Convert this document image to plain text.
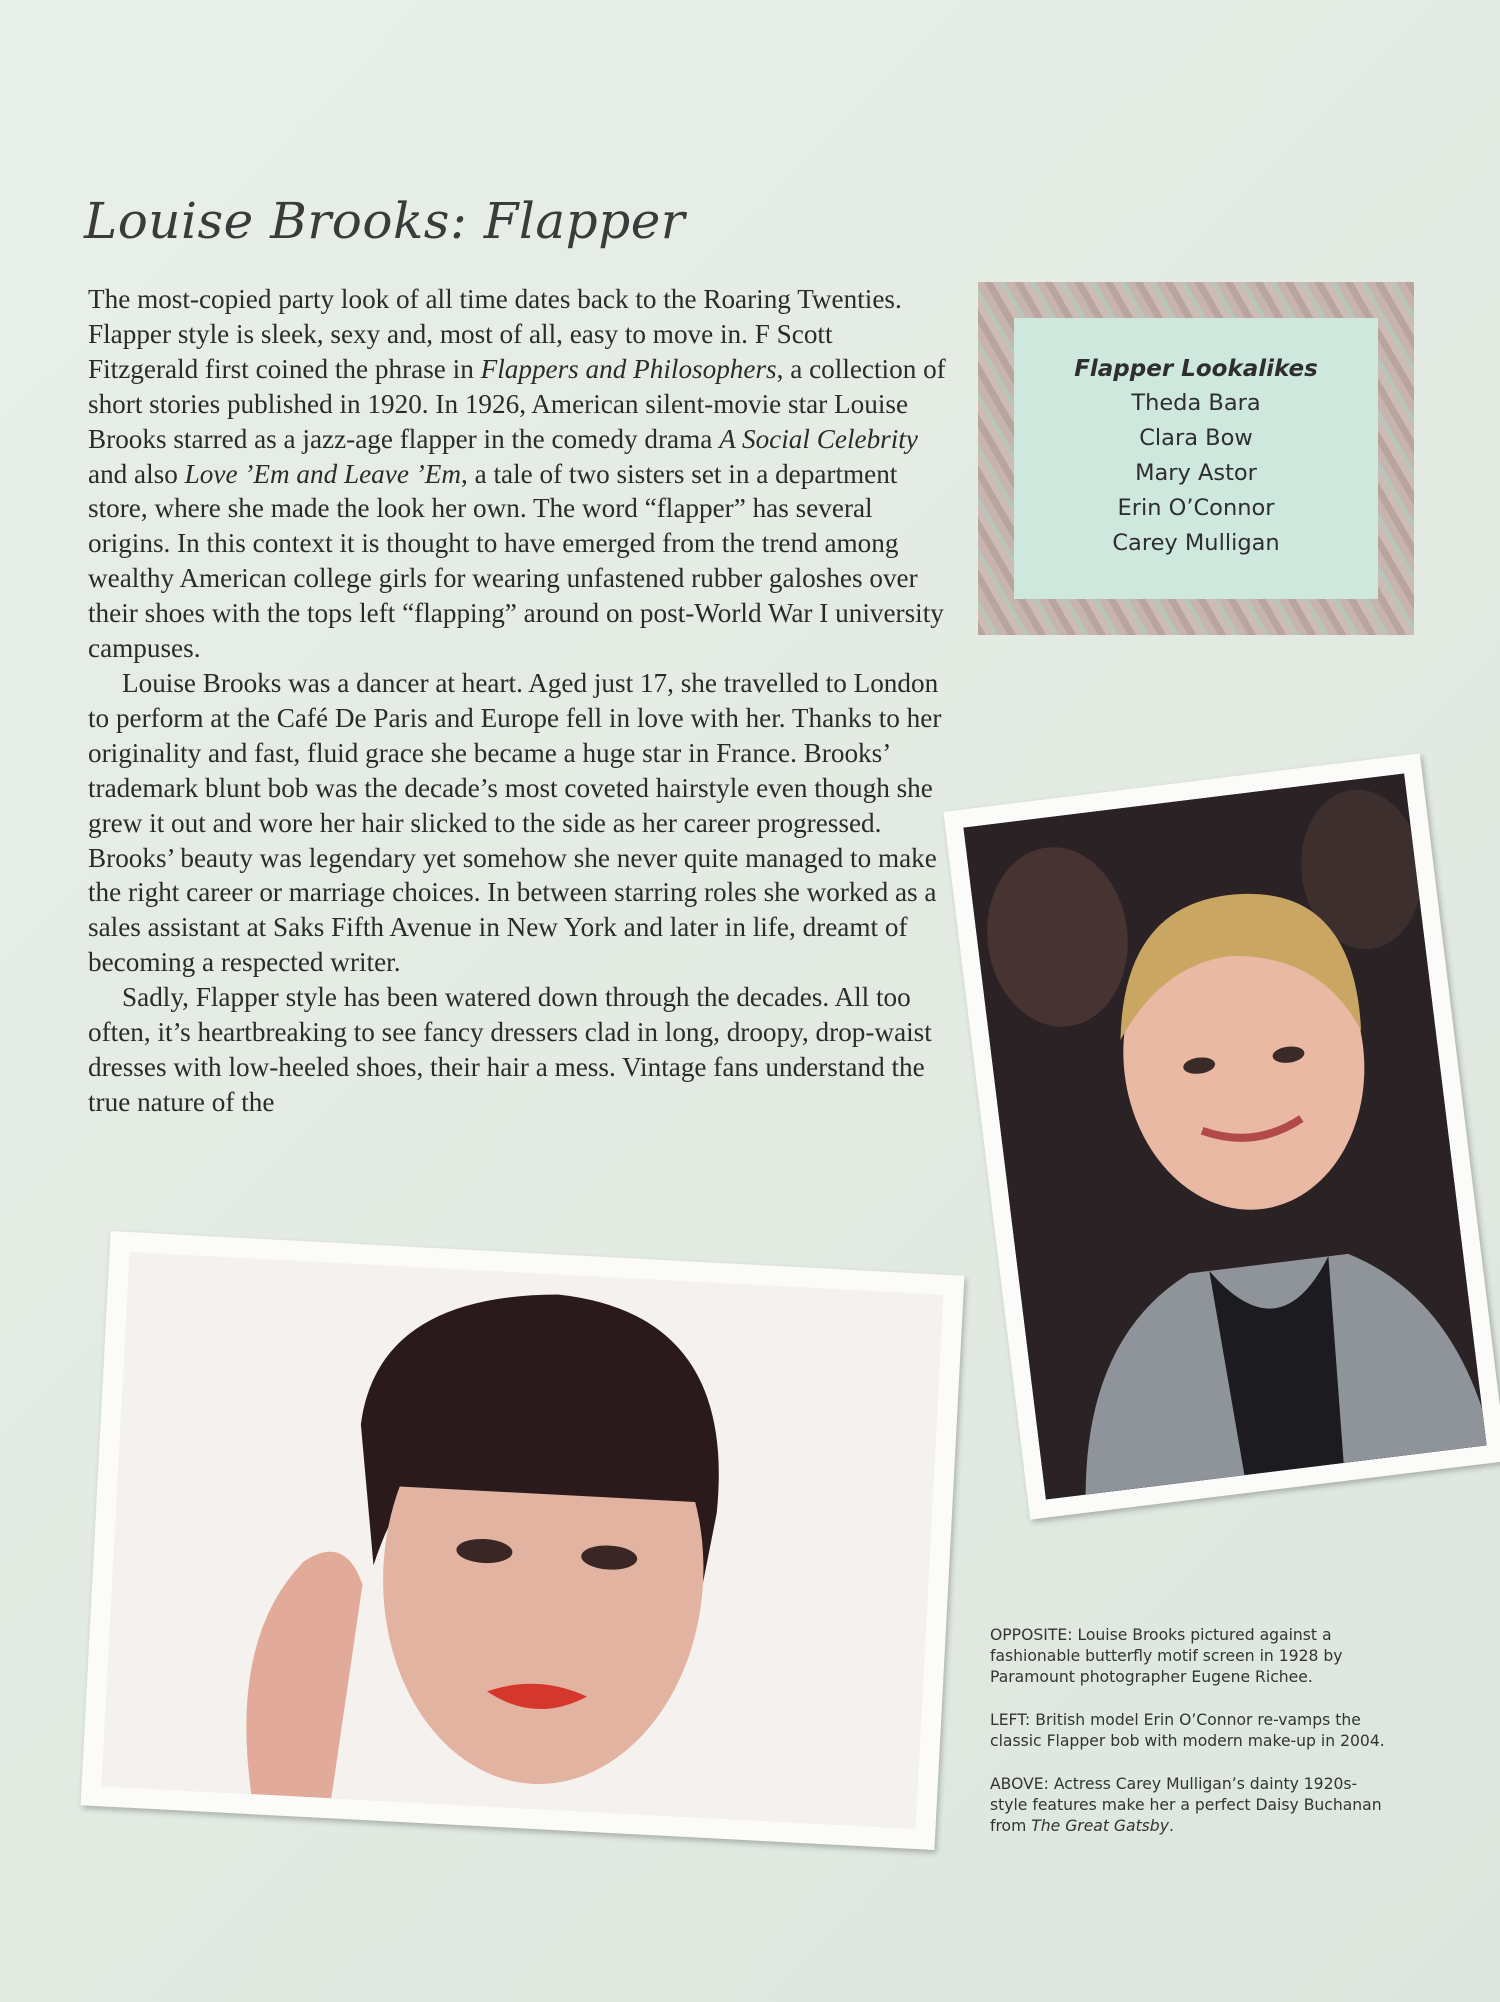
Louise Brooks: Flapper

The most-copied party look of all time dates back to the Roaring Twenties. Flapper style is sleek, sexy and, most of all, easy to move in. F Scott Fitzgerald first coined the phrase in Flappers and Philosophers, a collection of short stories published in 1920. In 1926, American silent-movie star Louise Brooks starred as a jazz-age flapper in the comedy drama A Social Celebrity and also Love ’Em and Leave ’Em, a tale of two sisters set in a department store, where she made the look her own. The word “flapper” has several origins. In this context it is thought to have emerged from the trend among wealthy American college girls for wearing unfastened rubber galoshes over their shoes with the tops left “flapping” around on post-World War I university campuses.

Louise Brooks was a dancer at heart. Aged just 17, she travelled to London to perform at the Café De Paris and Europe fell in love with her. Thanks to her originality and fast, fluid grace she became a huge star in France. Brooks’ trademark blunt bob was the decade’s most coveted hairstyle even though she grew it out and wore her hair slicked to the side as her career progressed. Brooks’ beauty was legendary yet somehow she never quite managed to make the right career or marriage choices. In between starring roles she worked as a sales assistant at Saks Fifth Avenue in New York and later in life, dreamt of becoming a respected writer.

Sadly, Flapper style has been watered down through the decades. All too often, it’s heartbreaking to see fancy dressers clad in long, droopy, drop-waist dresses with low-heeled shoes, their hair a mess. Vintage fans understand the true nature of the

Flapper Lookalikes
Theda Bara
Clara Bow
Mary Astor
Erin O’Connor
Carey Mulligan

OPPOSITE: Louise Brooks pictured against a fashionable butterfly motif screen in 1928 by Paramount photographer Eugene Richee.

LEFT: British model Erin O’Connor re-vamps the classic Flapper bob with modern make-up in 2004.

ABOVE: Actress Carey Mulligan’s dainty 1920s-style features make her a perfect Daisy Buchanan from The Great Gatsby.
